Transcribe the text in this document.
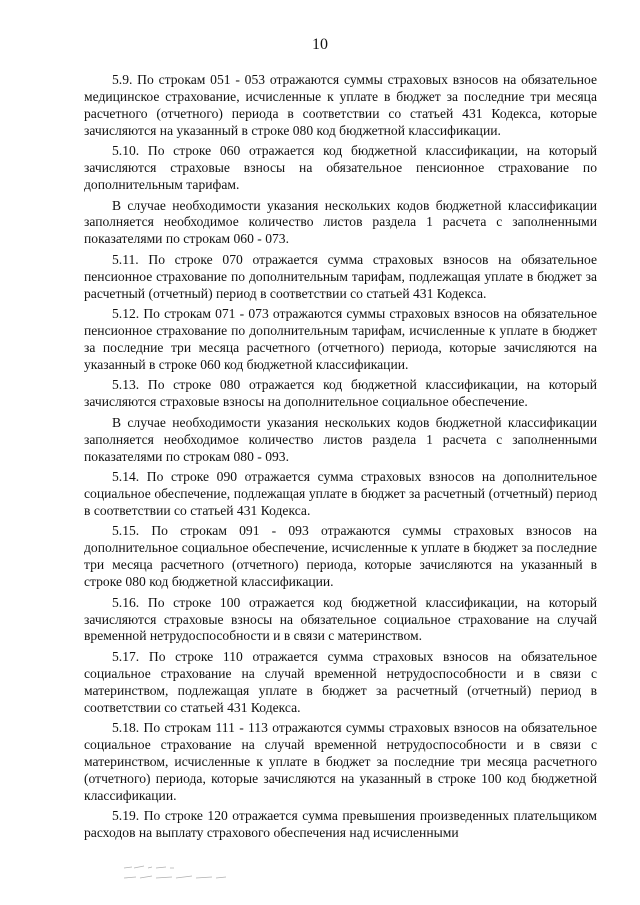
10

5.9. По строкам 051 - 053 отражаются суммы страховых взносов на обязательное медицинское страхование, исчисленные к уплате в бюджет за последние три месяца расчетного (отчетного) периода в соответствии со статьей 431 Кодекса, которые зачисляются на указанный в строке 080 код бюджетной классификации.

5.10. По строке 060 отражается код бюджетной классификации, на который зачисляются страховые взносы на обязательное пенсионное страхование по дополнительным тарифам.

В случае необходимости указания нескольких кодов бюджетной классификации заполняется необходимое количество листов раздела 1 расчета с заполненными показателями по строкам 060 - 073.

5.11. По строке 070 отражается сумма страховых взносов на обязательное пенсионное страхование по дополнительным тарифам, подлежащая уплате в бюджет за расчетный (отчетный) период в соответствии со статьей 431 Кодекса.

5.12. По строкам 071 - 073 отражаются суммы страховых взносов на обязательное пенсионное страхование по дополнительным тарифам, исчисленные к уплате в бюджет за последние три месяца расчетного (отчетного) периода, которые зачисляются на указанный в строке 060 код бюджетной классификации.

5.13. По строке 080 отражается код бюджетной классификации, на который зачисляются страховые взносы на дополнительное социальное обеспечение.

В случае необходимости указания нескольких кодов бюджетной классификации заполняется необходимое количество листов раздела 1 расчета с заполненными показателями по строкам 080 - 093.

5.14. По строке 090 отражается сумма страховых взносов на дополнительное социальное обеспечение, подлежащая уплате в бюджет за расчетный (отчетный) период в соответствии со статьей 431 Кодекса.

5.15. По строкам 091 - 093 отражаются суммы страховых взносов на дополнительное социальное обеспечение, исчисленные к уплате в бюджет за последние три месяца расчетного (отчетного) периода, которые зачисляются на указанный в строке 080 код бюджетной классификации.

5.16. По строке 100 отражается код бюджетной классификации, на который зачисляются страховые взносы на обязательное социальное страхование на случай временной нетрудоспособности и в связи с материнством.

5.17. По строке 110 отражается сумма страховых взносов на обязательное социальное страхование на случай временной нетрудоспособности и в связи с материнством, подлежащая уплате в бюджет за расчетный (отчетный) период в соответствии со статьей 431 Кодекса.

5.18. По строкам 111 - 113 отражаются суммы страховых взносов на обязательное социальное страхование на случай временной нетрудоспособности и в связи с материнством, исчисленные к уплате в бюджет за последние три месяца расчетного (отчетного) периода, которые зачисляются на указанный в строке 100 код бюджетной классификации.

5.19. По строке 120 отражается сумма превышения произведенных плательщиком расходов на выплату страхового обеспечения над исчисленными
